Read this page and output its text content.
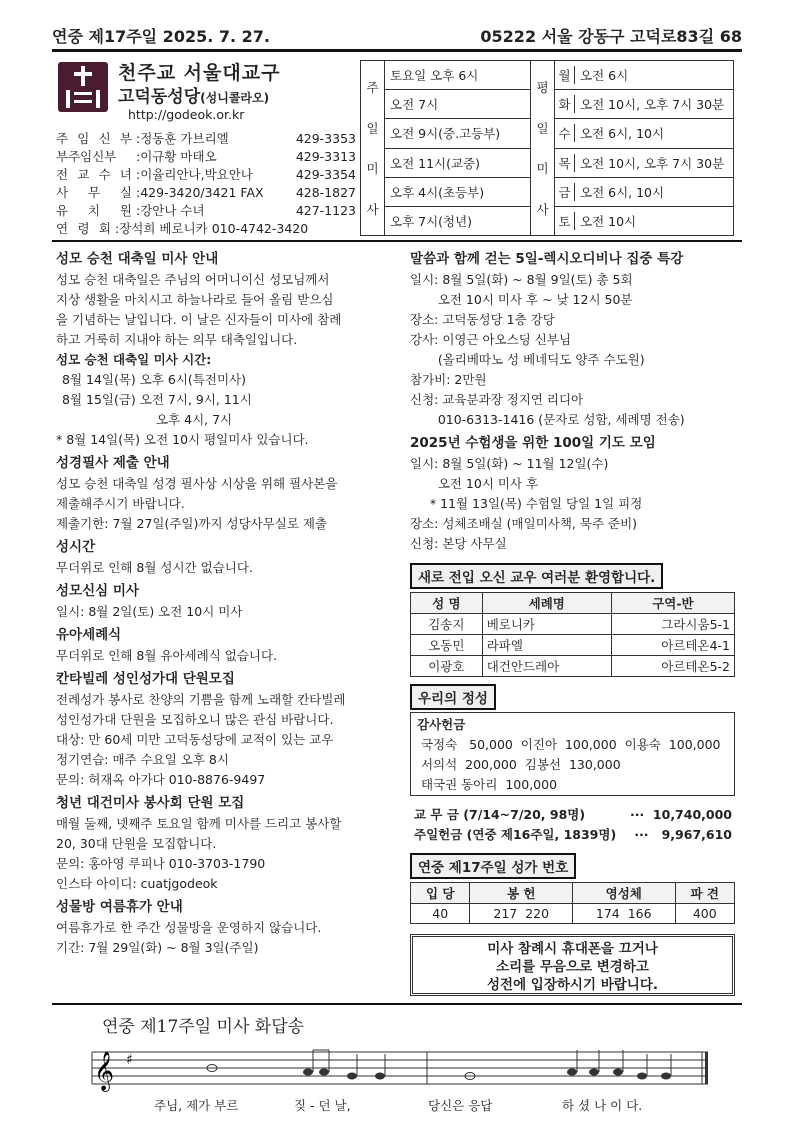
연중 제17주일 2025. 7. 27.	05222 서울 강동구 고덕로83길 68
천주교 서울대교구
고덕동성당(성니콜라오)
http://godeok.or.kr
주 임 신 부 : 정동훈 가브리엘	429-3353
부주임신부	: 이규황 마태오	429-3313
전 교 수 녀 : 이율리안나,박요안나	429-3354
사 무 실 : 429-3420/3421 FAX	428-1827
유 치 원 : 강안나 수녀	427-1123
연 령 회 : 장석희 베로니카 010-4742-3420
주
일
미
사
토요일 오후 6시
오전 7시
오전 9시(중.고등부)
오전 11시(교중)
오후 4시(초등부)
오후 7시(청년)
평
일
미
사
월 오전 6시
화 오전 10시, 오후 7시 30분
수 오전 6시, 10시
목 오전 10시, 오후 7시 30분
금 오전 6시, 10시
토 오전 10시
성모 승천 대축일 미사 안내

성모 승천 대축일은 주님의 어머니이신 성모님께서

지상 생활을 마치시고 하늘나라로 들어 올림 받으심

을 기념하는 날입니다. 이 날은 신자들이 미사에 참례

하고 거룩히 지내야 하는 의무 대축일입니다.

성모 승천 대축일 미사 시간:

8월 14일(목) 오후 6시(특전미사)

8월 15일(금) 오전 7시, 9시, 11시

오후 4시, 7시

* 8월 14일(목) 오전 10시 평일미사 있습니다.

성경필사 제출 안내

성모 승천 대축일 성경 필사상 시상을 위해 필사본을

제출해주시기 바랍니다.

제출기한: 7월 27일(주일)까지 성당사무실로 제출

성시간

무더위로 인해 8월 성시간 없습니다.

성모신심 미사

일시: 8월 2일(토) 오전 10시 미사

유아세례식

무더위로 인해 8월 유아세례식 없습니다.

칸타빌레 성인성가대 단원모집

전례성가 봉사로 찬양의 기쁨을 함께 노래할 칸타빌레

성인성가대 단원을 모집하오니 많은 관심 바랍니다.

대상: 만 60세 미만 고덕동성당에 교적이 있는 교우

정기연습: 매주 수요일 오후 8시

문의: 허재옥 아가다 010-8876-9497

청년 대건미사 봉사회 단원 모집

매월 둘째, 넷째주 토요일 함께 미사를 드리고 봉사할

20, 30대 단원을 모집합니다.

문의: 홍아영 루피나 010-3703-1790

인스타 아이디: cuatjgodeok

성물방 여름휴가 안내

여름휴가로 한 주간 성물방을 운영하지 않습니다.

기간: 7월 29일(화) ~ 8월 3일(주일)

말씀과 함께 걷는 5일-렉시오디비나 집중 특강

일시: 8월 5일(화) ~ 8월 9일(토) 총 5회

오전 10시 미사 후 ~ 낮 12시 50분

장소: 고덕동성당 1층 강당

강사: 이영근 아오스딩 신부님

(올리베따노 성 베네딕도 양주 수도원)

참가비: 2만원

신청: 교육분과장 정지연 리디아

010-6313-1416 (문자로 성함, 세례명 전송)

2025년 수험생을 위한 100일 기도 모임

일시: 8월 5일(화) ~ 11월 12일(수)

오전 10시 미사 후

* 11월 13일(목) 수험일 당일 1일 피정

장소: 성체조배실 (매일미사책, 묵주 준비)

신청: 본당 사무실

새로 전입 오신 교우 여러분 환영합니다.
성 명	세례명	구역-반
김송지	베로니카	그라시움5-1
오동민	라파엘	아르테온4-1
이광호	대건안드레아	아르테온5-2
우리의 정성

감사헌금

국정숙   50,000  이진아  100,000  이용숙  100,000

서의석  200,000  김봉선  130,000

태국권 동아리  100,000

교 무 금 (7/14~7/20, 98명)	···  10,740,000

주일헌금 (연중 제16주일, 1839명) ···   9,967,610

연중 제17주일 성가 번호
입 당	봉 헌	영성체	파 견
40	217  220	174  166	400

미사 참례시 휴대폰을 끄거나

소리를 무음으로 변경하고

성전에 입장하시기 바랍니다.

연중 제17주일 미사 화답송
𝄞 ♯
주님, 제가 부르	짖 - 던 날,	당신은 응답	하 셨 나 이 다.
